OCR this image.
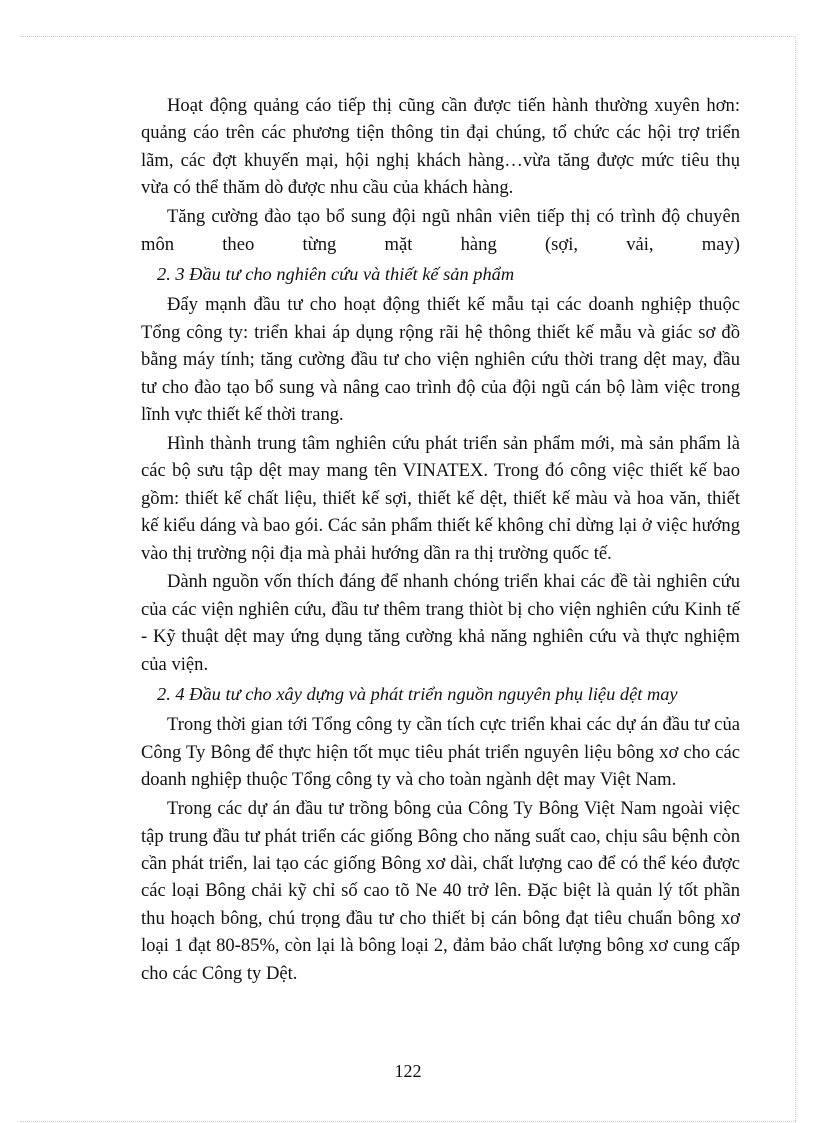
Hoạt động quảng cáo tiếp thị cũng cần được tiến hành thường xuyên hơn: quảng cáo trên các phương tiện thông tin đại chúng, tổ chức các hội trợ triển lãm, các đợt khuyến mại, hội nghị khách hàng…vừa tăng được mức tiêu thụ vừa có thể thăm dò được nhu cầu của khách hàng.

Tăng cường đào tạo bổ sung đội ngũ nhân viên tiếp thị có trình độ chuyên môn theo từng mặt hàng (sợi, vải, may)

2. 3 Đầu tư cho nghiên cứu và thiết kế sản phẩm

Đẩy mạnh đầu tư cho hoạt động thiết kế mẫu tại các doanh nghiệp thuộc Tổng công ty: triển khai áp dụng rộng rãi hệ thông thiết kế mẫu và giác sơ đồ bằng máy tính; tăng cường đầu tư cho viện nghiên cứu thời trang dệt may, đầu tư cho đào tạo bổ sung và nâng cao trình độ của đội ngũ cán bộ làm việc trong lĩnh vực thiết kế thời trang.

Hình thành trung tâm nghiên cứu phát triển sản phẩm mới, mà sản phẩm là các bộ sưu tập dệt may mang tên VINATEX. Trong đó công việc thiết kế bao gồm: thiết kế chất liệu, thiết kế sợi, thiết kế dệt, thiết kế màu và hoa văn, thiết kế kiểu dáng và bao gói. Các sản phẩm thiết kế không chỉ dừng lại ở việc hướng vào thị trường nội địa mà phải hướng dần ra thị trường quốc tế.

Dành nguồn vốn thích đáng để nhanh chóng triển khai các đề tài nghiên cứu của các viện nghiên cứu, đầu tư thêm trang thiòt bị cho viện nghiên cứu Kinh tế - Kỹ thuật dệt may ứng dụng tăng cường khả năng nghiên cứu và thực nghiệm của viện.

2. 4 Đầu tư cho xây dựng và phát triển nguồn nguyên phụ liệu dệt may

Trong thời gian tới Tổng công ty cần tích cực triển khai các dự án đầu tư của Công Ty Bông để thực hiện tốt mục tiêu phát triển nguyên liệu bông xơ cho các doanh nghiệp thuộc Tổng công ty và cho toàn ngành dệt may Việt Nam.

Trong các dự án đầu tư trồng bông của Công Ty Bông Việt Nam ngoài việc tập trung đầu tư phát triển các giống Bông cho năng suất cao, chịu sâu bệnh còn cần phát triển, lai tạo các giống Bông xơ dài, chất lượng cao để có thể kéo được các loại Bông chải kỹ chỉ số cao tõ Ne 40 trở lên. Đặc biệt là quản lý tốt phần thu hoạch bông, chú trọng đầu tư cho thiết bị cán bông đạt tiêu chuẩn bông xơ loại 1 đạt 80-85%, còn lại là bông loại 2, đảm bảo chất lượng bông xơ cung cấp cho các Công ty Dệt.

122
